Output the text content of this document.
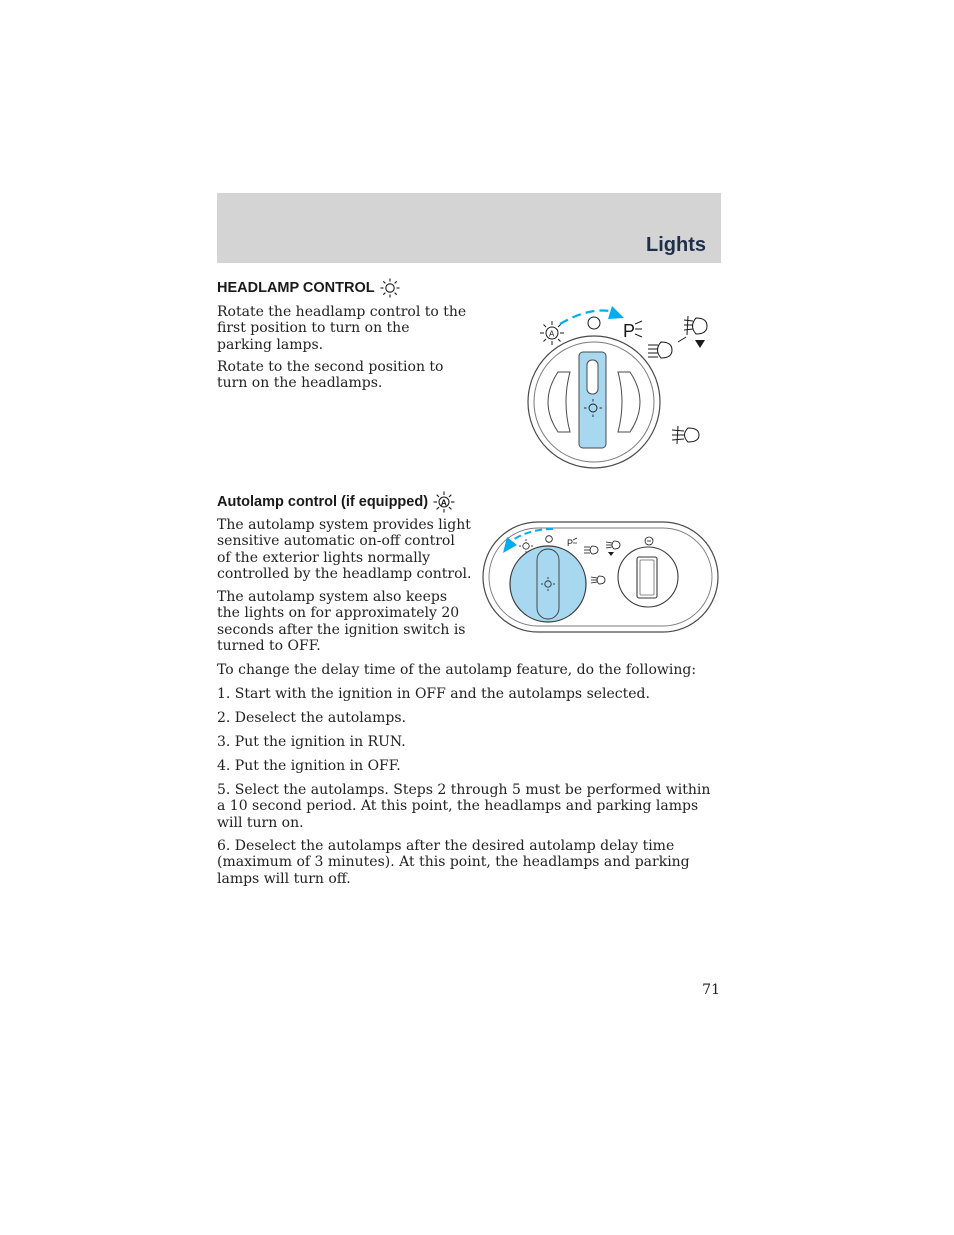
Lights
HEADLAMP CONTROL

Rotate the headlamp control to the first position to turn on the parking lamps.

Rotate to the second position to turn on the headlamps.

A	P
Autolamp control (if equipped) A

The autolamp system provides light sensitive automatic on-off control of the exterior lights normally controlled by the headlamp control.

The autolamp system also keeps the lights on for approximately 20 seconds after the ignition switch is turned to OFF.

P

To change the delay time of the autolamp feature, do the following:

1. Start with the ignition in OFF and the autolamps selected.

2. Deselect the autolamps.

3. Put the ignition in RUN.

4. Put the ignition in OFF.

5. Select the autolamps. Steps 2 through 5 must be performed within a 10 second period. At this point, the headlamps and parking lamps will turn on.

6. Deselect the autolamps after the desired autolamp delay time (maximum of 3 minutes). At this point, the headlamps and parking lamps will turn off.

71
